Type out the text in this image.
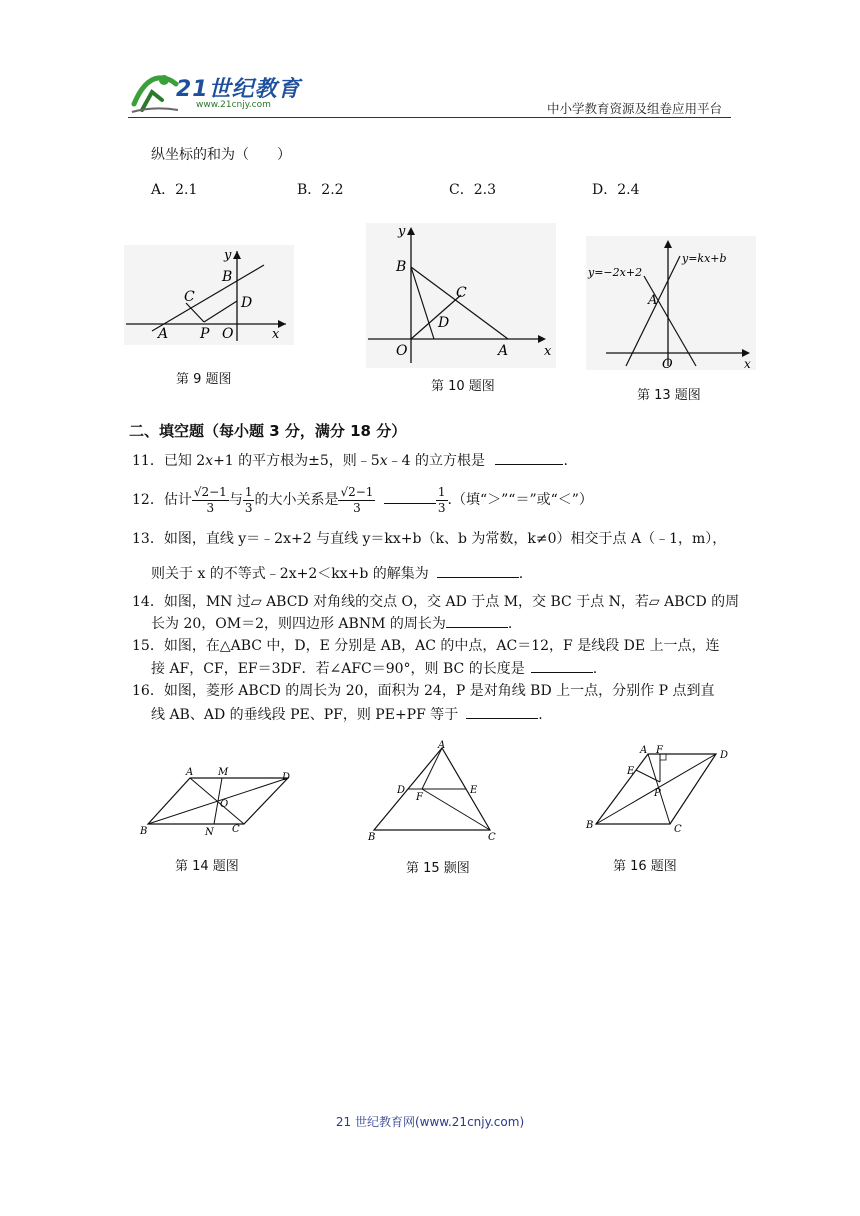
21世纪教育
www.21cnjy.com	中小学教育资源及组卷应用平台
纵坐标的和为（　　）
A．2.1	B．2.2	C．2.3	D．2.4
y
B
C	D
A P O	x
第 9 题图
y
B
C
D
O	A	x
第 10 题图
y=−2x+2
y=kx+b
A
O	x
第 13 题图
二、填空题（每小题 3 分，满分 18 分）
11．已知 2x+1 的平方根为±5，则﹣5x﹣4 的立方根是	.
12．估计 $\frac{√2-1}{3}$ 与 $\frac{1}{3}$ 的大小关系是 $\frac{√2-1}{3}$
	$\frac{1}{3}$ .（填“＞”“＝”或“＜”）
13．如图，直线 y＝﹣2x+2 与直线 y＝kx+b（k、b 为常数，k≠0）相交于点 A（﹣1，m），
则关于 x 的不等式﹣2x+2＜kx+b 的解集为	.
14．如图，MN 过▱ ABCD 对角线的交点 O，交 AD 于点 M，交 BC 于点 N，若▱ ABCD 的周
长为 20，OM＝2，则四边形 ABNM 的周长为	.
15．如图，在△ABC 中，D，E 分别是 AB，AC 的中点，AC＝12，F 是线段 DE 上一点，连
接 AF，CF，EF＝3DF．若∠AFC＝90°，则 BC 的长度是	.
16．如图，菱形 ABCD 的周长为 20，面积为 24，P 是对角线 BD 上一点，分别作 P 点到直
线 AB、AD 的垂线段 PE、PF，则 PE+PF 等于	.
A M	D
O
B	N C
第 14 题图
A
D	E
F
B	C
第 15 颢图
A F	D
E
P
B	C
第 16 题图
21 世纪教育网(www.21cnjy.com)
